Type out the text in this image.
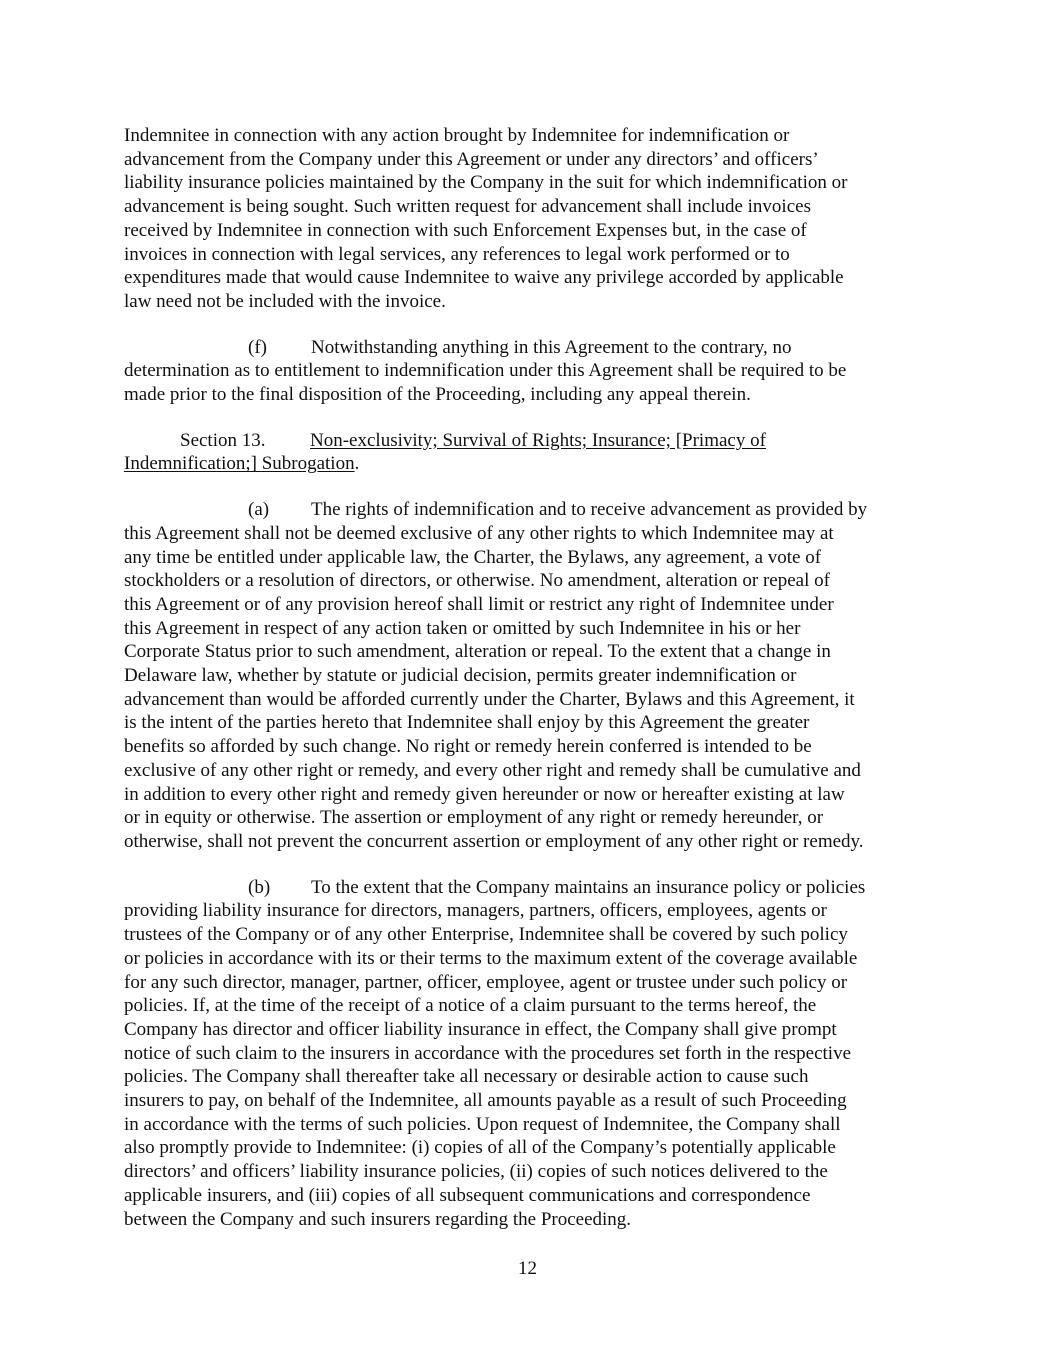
Indemnitee in connection with any action brought by Indemnitee for indemnification or
advancement from the Company under this Agreement or under any directors’ and officers’
liability insurance policies maintained by the Company in the suit for which indemnification or
advancement is being sought. Such written request for advancement shall include invoices
received by Indemnitee in connection with such Enforcement Expenses but, in the case of
invoices in connection with legal services, any references to legal work performed or to
expenditures made that would cause Indemnitee to waive any privilege accorded by applicable
law need not be included with the invoice.

(f) Notwithstanding anything in this Agreement to the contrary, no
determination as to entitlement to indemnification under this Agreement shall be required to be
made prior to the final disposition of the Proceeding, including any appeal therein.

Section 13. Non-exclusivity; Survival of Rights; Insurance; [Primacy of
Indemnification;] Subrogation.

(a) The rights of indemnification and to receive advancement as provided by
this Agreement shall not be deemed exclusive of any other rights to which Indemnitee may at
any time be entitled under applicable law, the Charter, the Bylaws, any agreement, a vote of
stockholders or a resolution of directors, or otherwise. No amendment, alteration or repeal of
this Agreement or of any provision hereof shall limit or restrict any right of Indemnitee under
this Agreement in respect of any action taken or omitted by such Indemnitee in his or her
Corporate Status prior to such amendment, alteration or repeal. To the extent that a change in
Delaware law, whether by statute or judicial decision, permits greater indemnification or
advancement than would be afforded currently under the Charter, Bylaws and this Agreement, it
is the intent of the parties hereto that Indemnitee shall enjoy by this Agreement the greater
benefits so afforded by such change. No right or remedy herein conferred is intended to be
exclusive of any other right or remedy, and every other right and remedy shall be cumulative and
in addition to every other right and remedy given hereunder or now or hereafter existing at law
or in equity or otherwise. The assertion or employment of any right or remedy hereunder, or
otherwise, shall not prevent the concurrent assertion or employment of any other right or remedy.

(b) To the extent that the Company maintains an insurance policy or policies
providing liability insurance for directors, managers, partners, officers, employees, agents or
trustees of the Company or of any other Enterprise, Indemnitee shall be covered by such policy
or policies in accordance with its or their terms to the maximum extent of the coverage available
for any such director, manager, partner, officer, employee, agent or trustee under such policy or
policies. If, at the time of the receipt of a notice of a claim pursuant to the terms hereof, the
Company has director and officer liability insurance in effect, the Company shall give prompt
notice of such claim to the insurers in accordance with the procedures set forth in the respective
policies. The Company shall thereafter take all necessary or desirable action to cause such
insurers to pay, on behalf of the Indemnitee, all amounts payable as a result of such Proceeding
in accordance with the terms of such policies. Upon request of Indemnitee, the Company shall
also promptly provide to Indemnitee: (i) copies of all of the Company’s potentially applicable
directors’ and officers’ liability insurance policies, (ii) copies of such notices delivered to the
applicable insurers, and (iii) copies of all subsequent communications and correspondence
between the Company and such insurers regarding the Proceeding.

12
